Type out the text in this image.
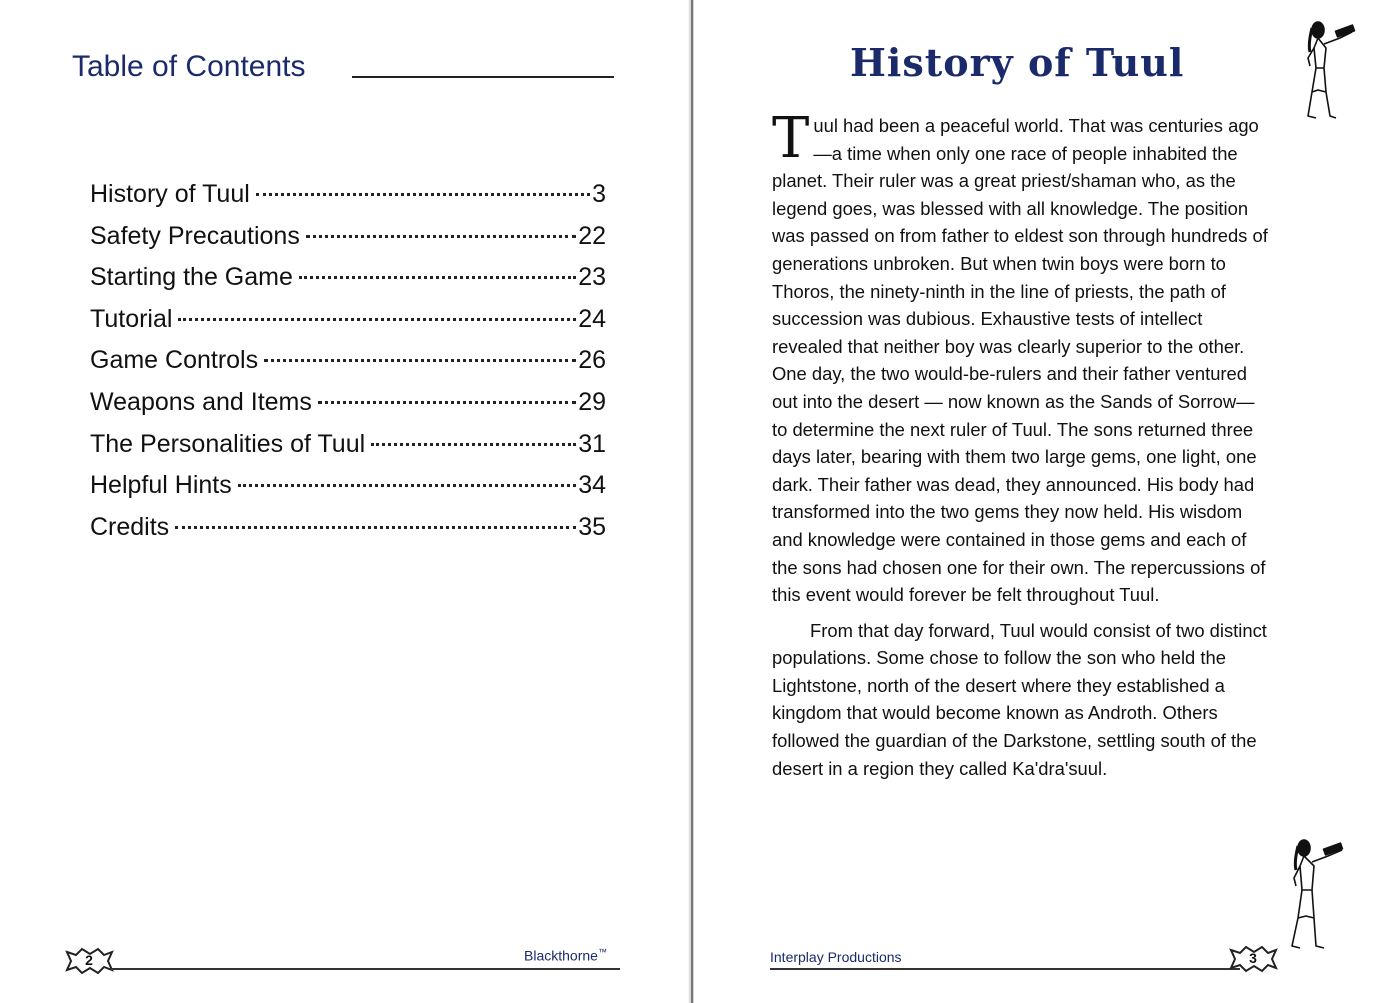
Table of Contents
History of Tuul	3
Safety Precautions	22
Starting the Game	23
Tutorial	24
Game Controls	26
Weapons and Items	29
The Personalities of Tuul	31
Helpful Hints	34
Credits	35
2	Blackthorne™
History of Tuul

Tuul had been a peaceful world. That was centuries ago—a time when only one race of people inhabited the planet. Their ruler was a great priest/shaman who, as the legend goes, was blessed with all knowledge. The position was passed on from father to eldest son through hundreds of generations unbroken. But when twin boys were born to Thoros, the ninety-ninth in the line of priests, the path of succession was dubious. Exhaustive tests of intellect revealed that neither boy was clearly superior to the other. One day, the two would-be-rulers and their father ventured out into the desert — now known as the Sands of Sorrow— to determine the next ruler of Tuul. The sons returned three days later, bearing with them two large gems, one light, one dark. Their father was dead, they announced. His body had transformed into the two gems they now held. His wisdom and knowledge were contained in those gems and each of the sons had chosen one for their own. The repercussions of this event would forever be felt throughout Tuul.

From that day forward, Tuul would consist of two distinct populations. Some chose to follow the son who held the Lightstone, north of the desert where they established a kingdom that would become known as Androth. Others followed the guardian of the Darkstone, settling south of the desert in a region they called Ka'dra'suul.

Interplay Productions	3
